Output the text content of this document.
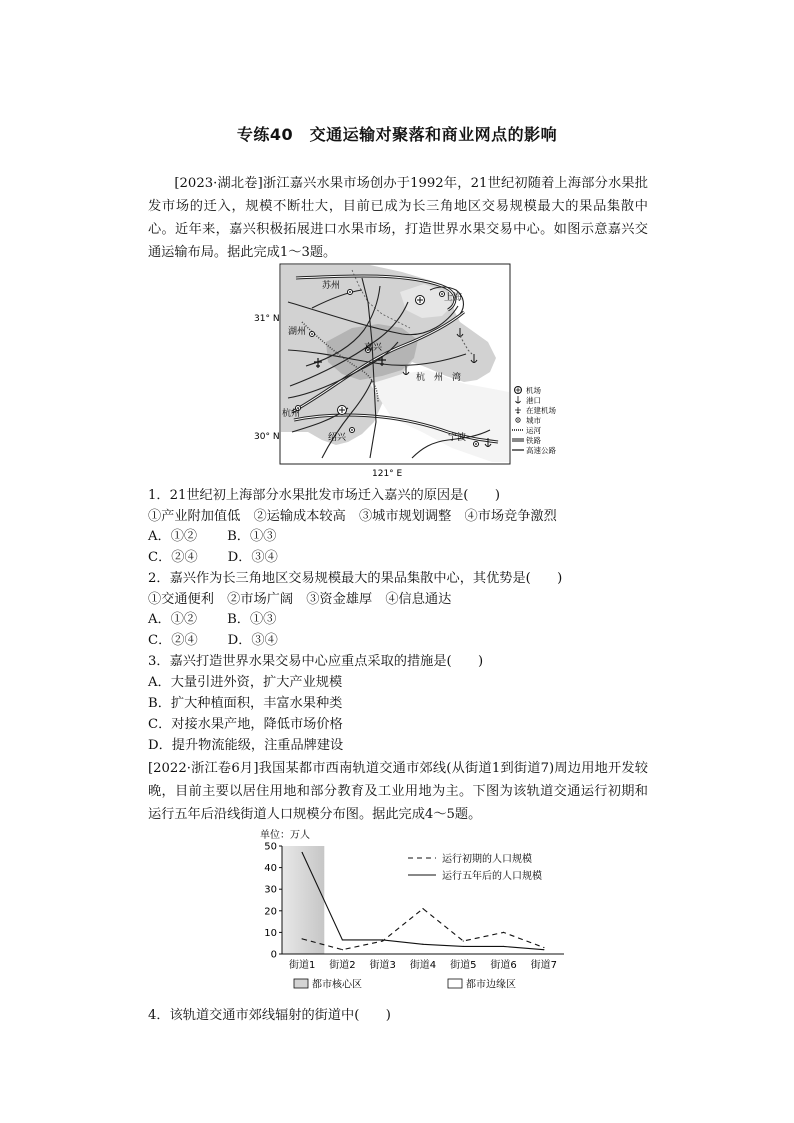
专练40　交通运输对聚落和商业网点的影响
[2023·湖北卷]浙江嘉兴水果市场创办于1992年，21世纪初随着上海部分水果批发市场的迁入，规模不断壮大，目前已成为长三角地区交易规模最大的果品集散中心。近年来，嘉兴积极拓展进口水果市场，打造世界水果交易中心。如图示意嘉兴交通运输布局。据此完成1～3题。
苏州
上海
湖州
嘉兴
杭州
绍兴	宁波
杭　州　湾
31° N
30° N
121° E
机场
港口
在建机场
城市
运河
铁路
高速公路
1．21世纪初上海部分水果批发市场迁入嘉兴的原因是(　　)
①产业附加值低　②运输成本较高　③城市规划调整　④市场竞争激烈
A．①② B．①③
C．②④ D．③④
2．嘉兴作为长三角地区交易规模最大的果品集散中心，其优势是(　　)
①交通便利　②市场广阔　③资金雄厚　④信息通达
A．①② B．①③
C．②④ D．③④
3．嘉兴打造世界水果交易中心应重点采取的措施是(　　)
A．大量引进外资，扩大产业规模
B．扩大种植面积，丰富水果种类
C．对接水果产地，降低市场价格
D．提升物流能级，注重品牌建设
[2022·浙江卷6月]我国某都市西南轨道交通市郊线(从街道1到街道7)周边用地开发较晚，目前主要以居住用地和部分教育及工业用地为主。下图为该轨道交通运行初期和运行五年后沿线街道人口规模分布图。据此完成4～5题。
单位：万人
0
10
20
30
40
50
街道1 街道2 街道3 街道4 街道5 街道6 街道7
运行初期的人口规模
运行五年后的人口规模
都市核心区	都市边缘区
4．该轨道交通市郊线辐射的街道中(　　)
